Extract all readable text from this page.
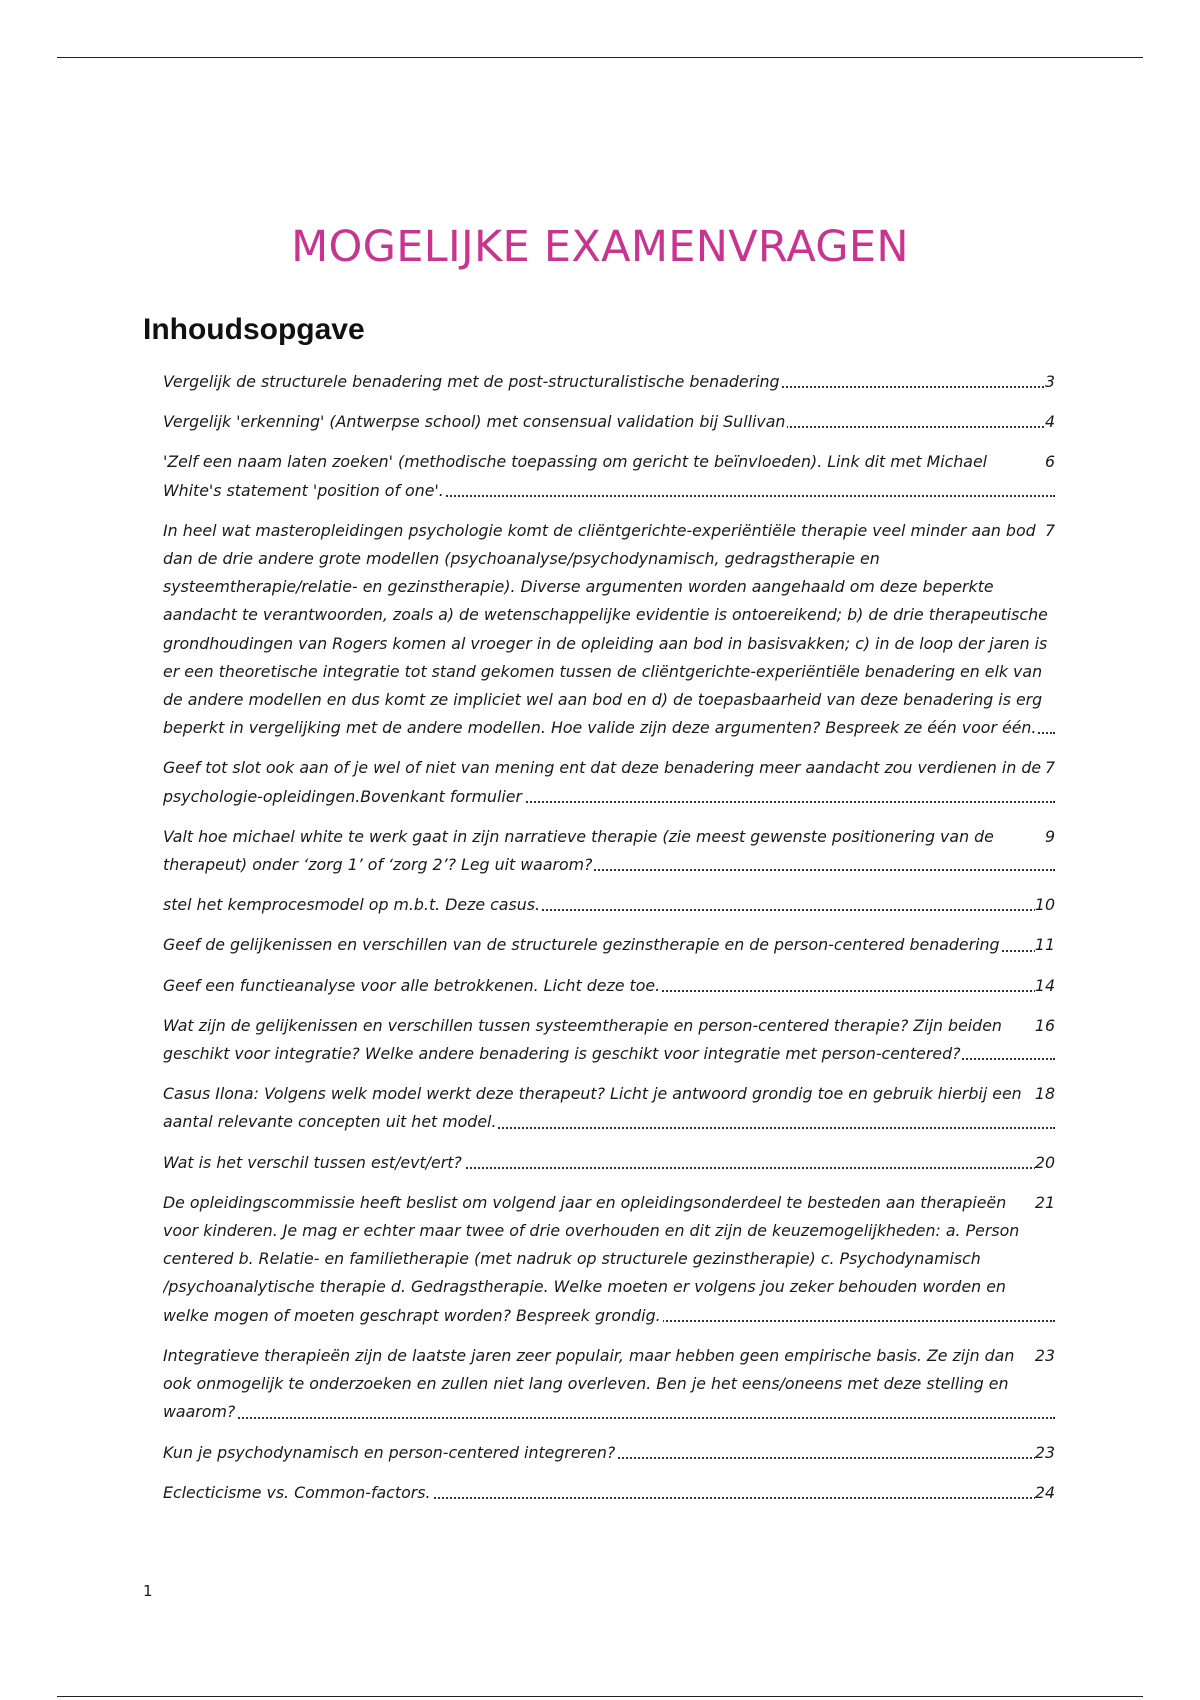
MOGELIJKE EXAMENVRAGEN
Inhoudsopgave
3
Vergelijk de structurele benadering met de post-structuralistische benadering
4
Vergelijk 'erkenning' (Antwerpse school) met consensual validation bij Sullivan
6
'Zelf een naam laten zoeken' (methodische toepassing om gericht te beïnvloeden). Link dit met Michael White's statement 'position of one'.
7
In heel wat masteropleidingen psychologie komt de cliëntgerichte-experiëntiële therapie veel minder aan bod dan de drie andere grote modellen (psychoanalyse/psychodynamisch, gedragstherapie en systeemtherapie/relatie- en gezinstherapie). Diverse argumenten worden aangehaald om deze beperkte aandacht te verantwoorden, zoals a) de wetenschappelijke evidentie is ontoereikend; b) de drie therapeutische grondhoudingen van Rogers komen al vroeger in de opleiding aan bod in basisvakken; c) in de loop der jaren is er een theoretische integratie tot stand gekomen tussen de cliëntgerichte-experiëntiële benadering en elk van de andere modellen en dus komt ze impliciet wel aan bod en d) de toepasbaarheid van deze benadering is erg beperkt in vergelijking met de andere modellen. Hoe valide zijn deze argumenten? Bespreek ze één voor één.
7
Geef tot slot ook aan of je wel of niet van mening ent dat deze benadering meer aandacht zou verdienen in de psychologie-opleidingen.Bovenkant formulier
9
Valt hoe michael white te werk gaat in zijn narratieve therapie (zie meest gewenste positionering van de therapeut) onder ‘zorg 1’ of ‘zorg 2’? Leg uit waarom?
10
stel het kemprocesmodel op m.b.t. Deze casus.
11
Geef de gelijkenissen en verschillen van de structurele gezinstherapie en de person-centered benadering
14
Geef een functieanalyse voor alle betrokkenen. Licht deze toe.
16
Wat zijn de gelijkenissen en verschillen tussen systeemtherapie en person-centered therapie? Zijn beiden geschikt voor integratie? Welke andere benadering is geschikt voor integratie met person-centered?
18
Casus Ilona: Volgens welk model werkt deze therapeut? Licht je antwoord grondig toe en gebruik hierbij een aantal relevante concepten uit het model.
20
Wat is het verschil tussen est/evt/ert?
21
De opleidingscommissie heeft beslist om volgend jaar en opleidingsonderdeel te besteden aan therapieën voor kinderen. Je mag er echter maar twee of drie overhouden en dit zijn de keuzemogelijkheden: a. Person centered b. Relatie- en familietherapie (met nadruk op structurele gezinstherapie) c. Psychodynamisch /psychoanalytische therapie d. Gedragstherapie. Welke moeten er volgens jou zeker behouden worden en welke mogen of moeten geschrapt worden? Bespreek grondig.
23
Integratieve therapieën zijn de laatste jaren zeer populair, maar hebben geen empirische basis. Ze zijn dan ook onmogelijk te onderzoeken en zullen niet lang overleven. Ben je het eens/oneens met deze stelling en waarom?
23
Kun je psychodynamisch en person-centered integreren?
24
Eclecticisme vs. Common-factors.
1
